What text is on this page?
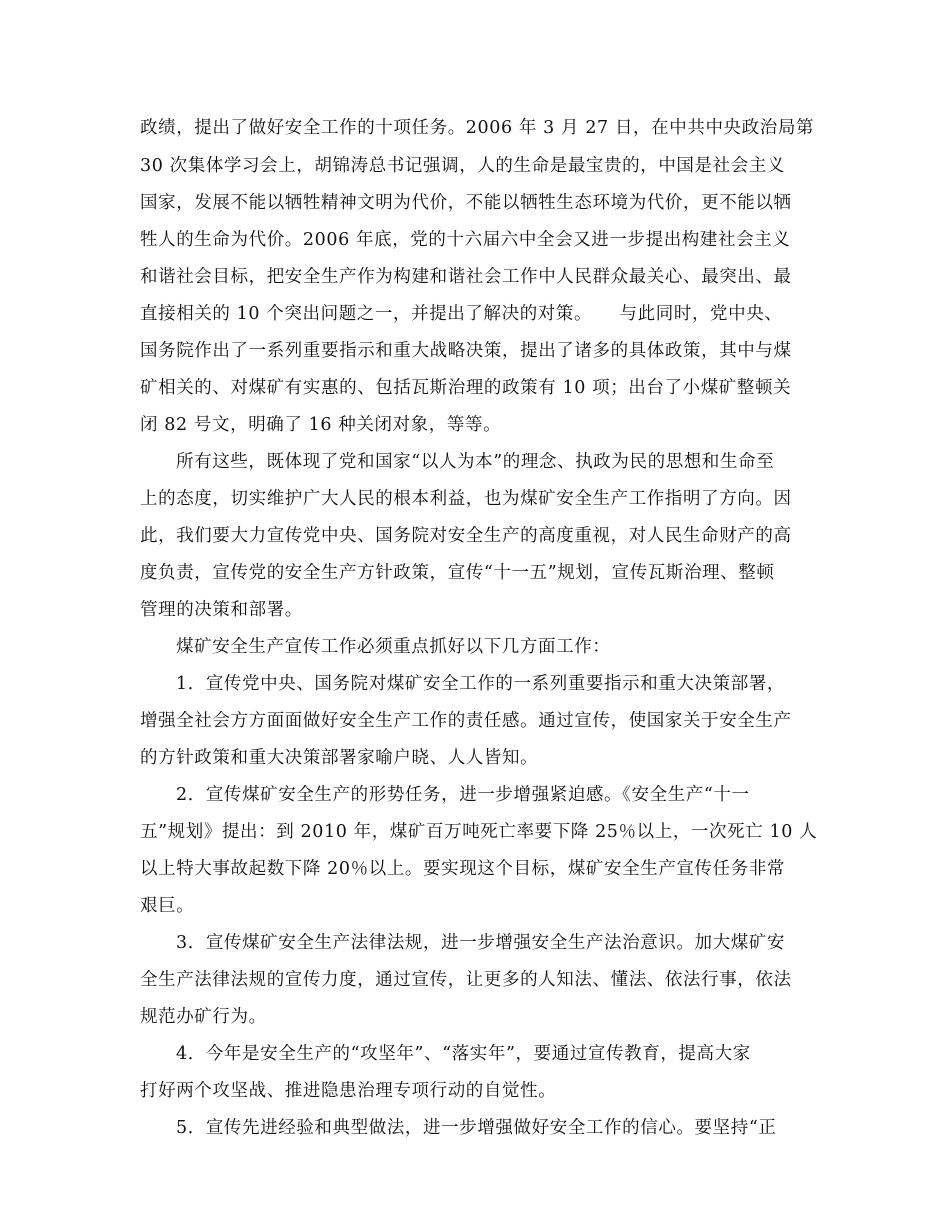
政绩，提出了做好安全工作的十项任务。2006 年 3 月 27 日，在中共中央政治局第
30 次集体学习会上，胡锦涛总书记强调，人的生命是最宝贵的，中国是社会主义
国家，发展不能以牺牲精神文明为代价，不能以牺牲生态环境为代价，更不能以牺
牲人的生命为代价。2006 年底，党的十六届六中全会又进一步提出构建社会主义
和谐社会目标，把安全生产作为构建和谐社会工作中人民群众最关心、最突出、最
直接相关的 10 个突出问题之一，并提出了解决的对策。　　与此同时，党中央、
国务院作出了一系列重要指示和重大战略决策，提出了诸多的具体政策，其中与煤
矿相关的、对煤矿有实惠的、包括瓦斯治理的政策有 10 项；出台了小煤矿整顿关
闭 82 号文，明确了 16 种关闭对象，等等。
所有这些，既体现了党和国家“以人为本”的理念、执政为民的思想和生命至
上的态度，切实维护广大人民的根本利益，也为煤矿安全生产工作指明了方向。因
此，我们要大力宣传党中央、国务院对安全生产的高度重视，对人民生命财产的高
度负责，宣传党的安全生产方针政策，宣传“十一五”规划，宣传瓦斯治理、整顿
管理的决策和部署。
煤矿安全生产宣传工作必须重点抓好以下几方面工作：
1．宣传党中央、国务院对煤矿安全工作的一系列重要指示和重大决策部署，
增强全社会方方面面做好安全生产工作的责任感。通过宣传，使国家关于安全生产
的方针政策和重大决策部署家喻户晓、人人皆知。
2．宣传煤矿安全生产的形势任务，进一步增强紧迫感。《安全生产“十一
五”规划》提出：到 2010 年，煤矿百万吨死亡率要下降 25％以上，一次死亡 10 人
以上特大事故起数下降 20％以上。要实现这个目标，煤矿安全生产宣传任务非常
艰巨。
3．宣传煤矿安全生产法律法规，进一步增强安全生产法治意识。加大煤矿安
全生产法律法规的宣传力度，通过宣传，让更多的人知法、懂法、依法行事，依法
规范办矿行为。
4．今年是安全生产的“攻坚年”、“落实年”，要通过宣传教育，提高大家
打好两个攻坚战、推进隐患治理专项行动的自觉性。
5．宣传先进经验和典型做法，进一步增强做好安全工作的信心。要坚持“正
